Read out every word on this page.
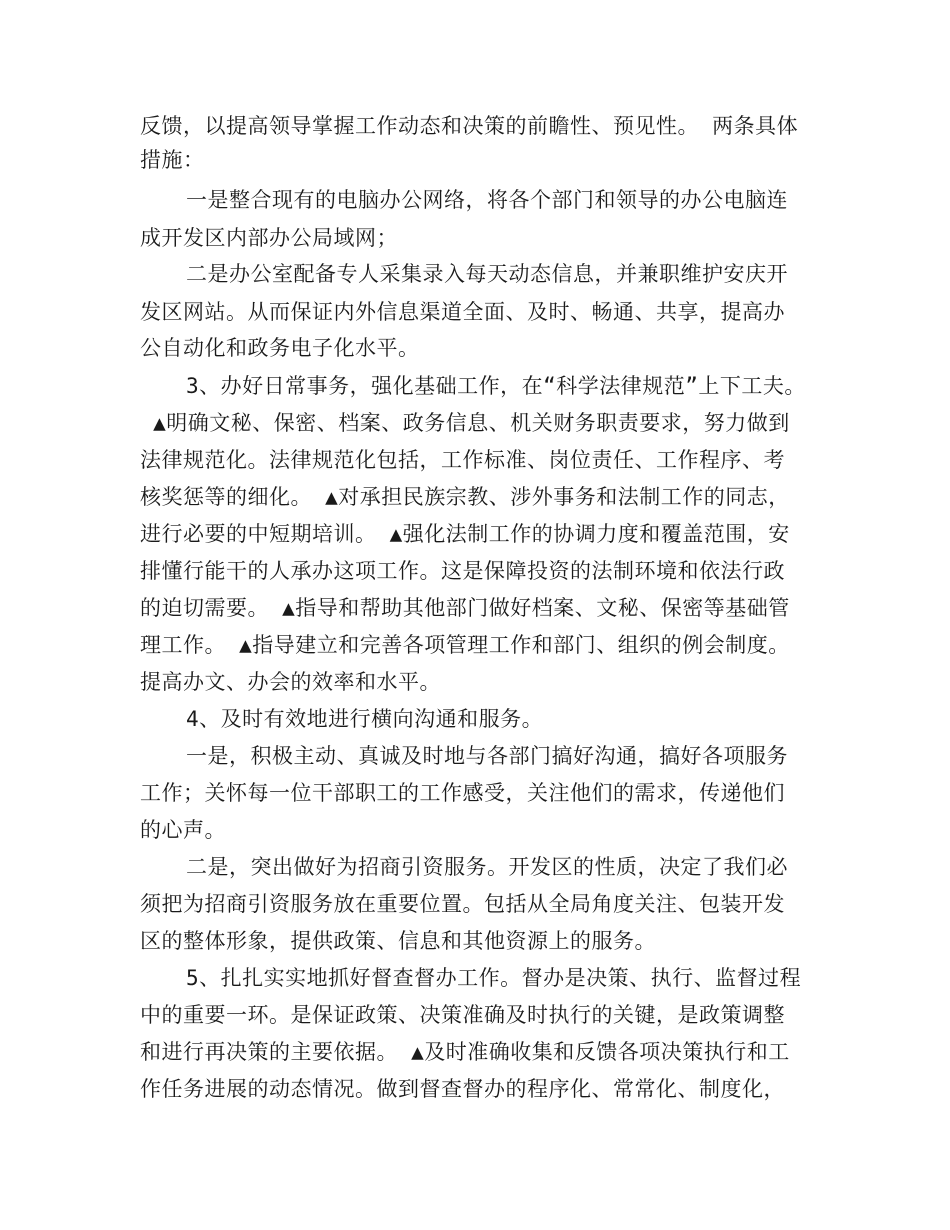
反馈，以提高领导掌握工作动态和决策的前瞻性、预见性。 两条具体
措施：
一是整合现有的电脑办公网络，将各个部门和领导的办公电脑连
成开发区内部办公局域网；
二是办公室配备专人采集录入每天动态信息，并兼职维护安庆开
发区网站。从而保证内外信息渠道全面、及时、畅通、共享，提高办
公自动化和政务电子化水平。
3、办好日常事务，强化基础工作，在“科学法律规范”上下工夫。
▲明确文秘、保密、档案、政务信息、机关财务职责要求，努力做到
法律规范化。法律规范化包括，工作标准、岗位责任、工作程序、考
核奖惩等的细化。 ▲对承担民族宗教、涉外事务和法制工作的同志，
进行必要的中短期培训。 ▲强化法制工作的协调力度和覆盖范围，安
排懂行能干的人承办这项工作。这是保障投资的法制环境和依法行政
的迫切需要。 ▲指导和帮助其他部门做好档案、文秘、保密等基础管
理工作。 ▲指导建立和完善各项管理工作和部门、组织的例会制度。
提高办文、办会的效率和水平。
4、及时有效地进行横向沟通和服务。
一是，积极主动、真诚及时地与各部门搞好沟通，搞好各项服务
工作；关怀每一位干部职工的工作感受，关注他们的需求，传递他们
的心声。
二是，突出做好为招商引资服务。开发区的性质，决定了我们必
须把为招商引资服务放在重要位置。包括从全局角度关注、包装开发
区的整体形象，提供政策、信息和其他资源上的服务。
5、扎扎实实地抓好督查督办工作。督办是决策、执行、监督过程
中的重要一环。是保证政策、决策准确及时执行的关键，是政策调整
和进行再决策的主要依据。 ▲及时准确收集和反馈各项决策执行和工
作任务进展的动态情况。做到督查督办的程序化、常常化、制度化，
